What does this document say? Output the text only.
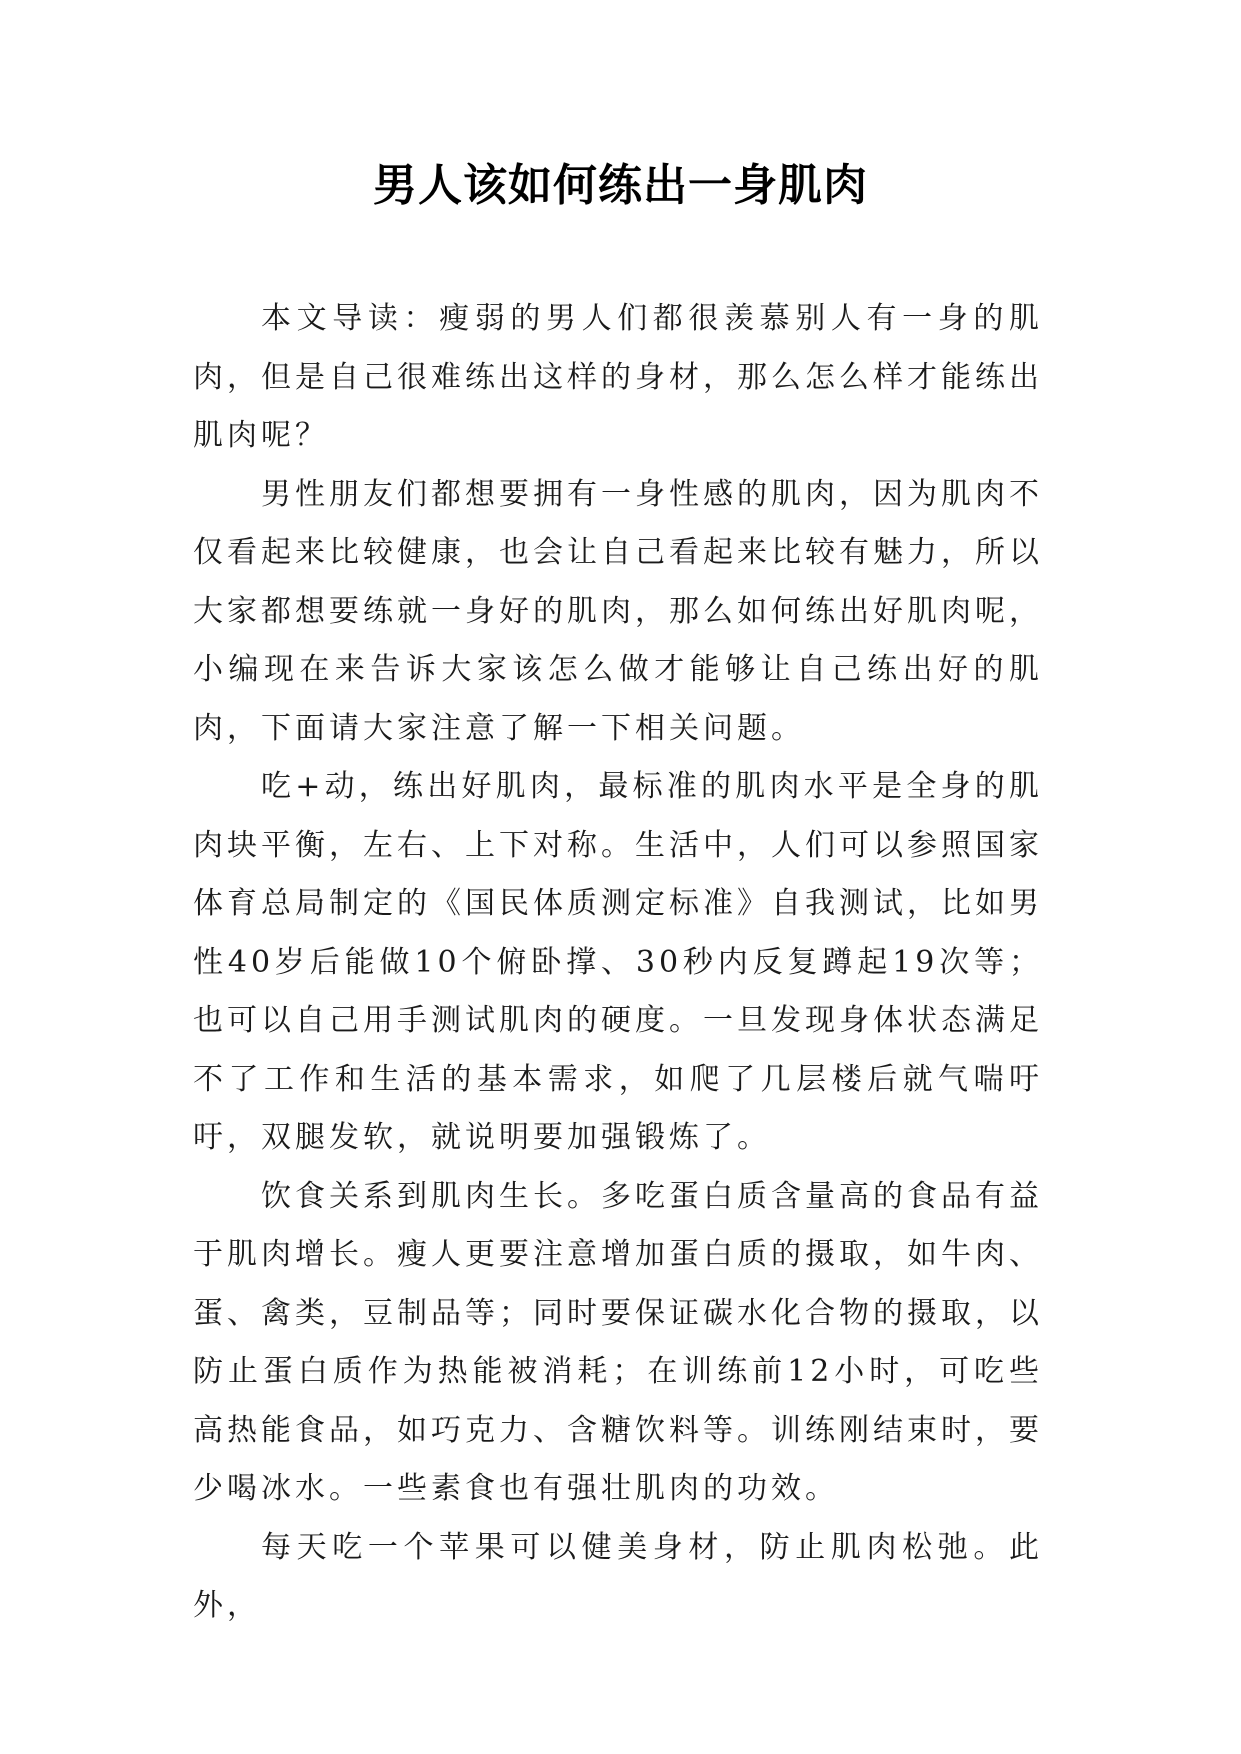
男人该如何练出一身肌肉

本文导读：瘦弱的男人们都很羡慕别人有一身的肌肉，但是自己很难练出这样的身材，那么怎么样才能练出肌肉呢？

男性朋友们都想要拥有一身性感的肌肉，因为肌肉不仅看起来比较健康，也会让自己看起来比较有魅力，所以大家都想要练就一身好的肌肉，那么如何练出好肌肉呢，小编现在来告诉大家该怎么做才能够让自己练出好的肌肉，下面请大家注意了解一下相关问题。

吃+动，练出好肌肉，最标准的肌肉水平是全身的肌肉块平衡，左右、上下对称。生活中，人们可以参照国家体育总局制定的《国民体质测定标准》自我测试，比如男性40岁后能做10个俯卧撑、30秒内反复蹲起19次等；也可以自己用手测试肌肉的硬度。一旦发现身体状态满足不了工作和生活的基本需求，如爬了几层楼后就气喘吁吁，双腿发软，就说明要加强锻炼了。

饮食关系到肌肉生长。多吃蛋白质含量高的食品有益于肌肉增长。瘦人更要注意增加蛋白质的摄取，如牛肉、蛋、禽类，豆制品等；同时要保证碳水化合物的摄取，以防止蛋白质作为热能被消耗；在训练前12小时，可吃些高热能食品，如巧克力、含糖饮料等。训练刚结束时，要少喝冰水。一些素食也有强壮肌肉的功效。

每天吃一个苹果可以健美身材，防止肌肉松弛。此外，
